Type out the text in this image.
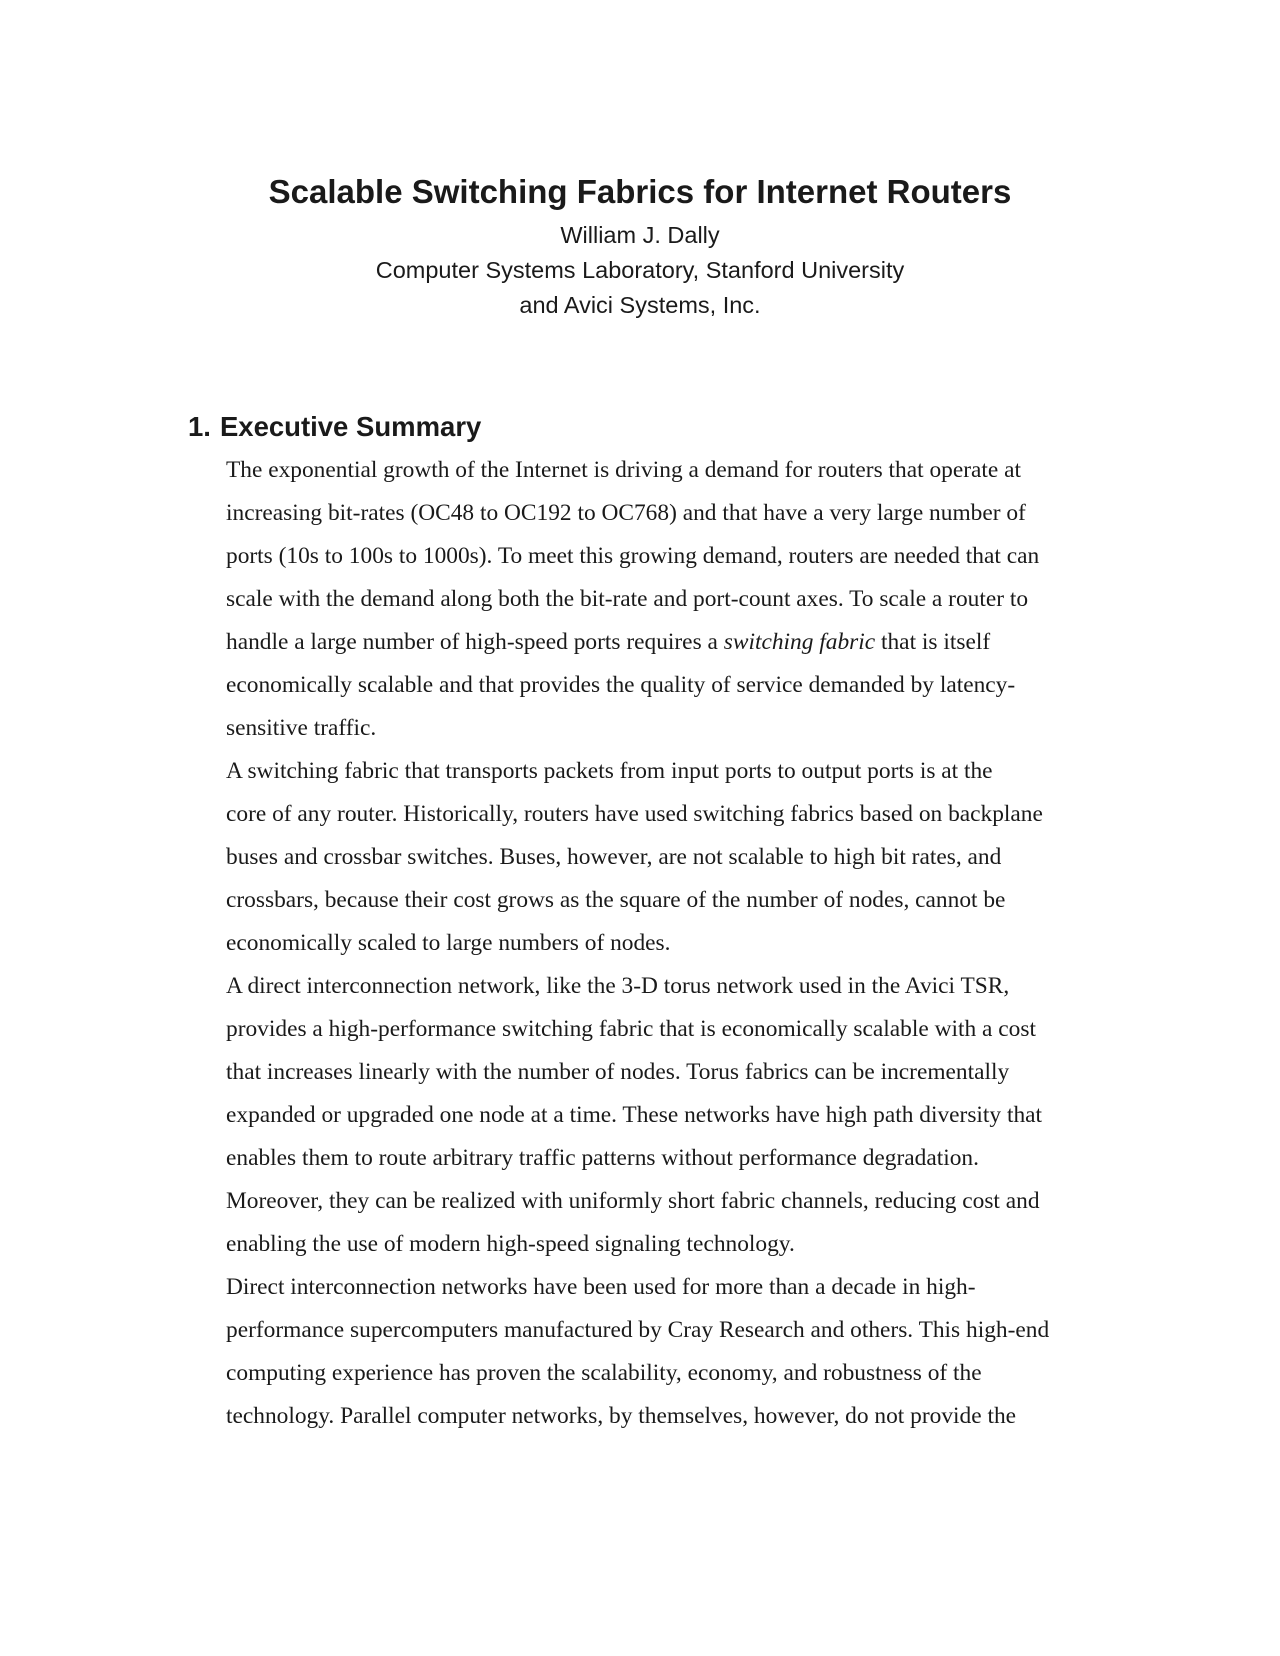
Scalable Switching Fabrics for Internet Routers
William J. Dally
Computer Systems Laboratory, Stanford University
and Avici Systems, Inc.
1. Executive Summary

The exponential growth of the Internet is driving a demand for routers that operate at
increasing bit-rates (OC48 to OC192 to OC768) and that have a very large number of
ports (10s to 100s to 1000s). To meet this growing demand, routers are needed that can
scale with the demand along both the bit-rate and port-count axes. To scale a router to
handle a large number of high-speed ports requires a switching fabric that is itself
economically scalable and that provides the quality of service demanded by latency-
sensitive traffic.

A switching fabric that transports packets from input ports to output ports is at the
core of any router. Historically, routers have used switching fabrics based on backplane
buses and crossbar switches. Buses, however, are not scalable to high bit rates, and
crossbars, because their cost grows as the square of the number of nodes, cannot be
economically scaled to large numbers of nodes.

A direct interconnection network, like the 3-D torus network used in the Avici TSR,
provides a high-performance switching fabric that is economically scalable with a cost
that increases linearly with the number of nodes. Torus fabrics can be incrementally
expanded or upgraded one node at a time. These networks have high path diversity that
enables them to route arbitrary traffic patterns without performance degradation.
Moreover, they can be realized with uniformly short fabric channels, reducing cost and
enabling the use of modern high-speed signaling technology.

Direct interconnection networks have been used for more than a decade in high-
performance supercomputers manufactured by Cray Research and others. This high-end
computing experience has proven the scalability, economy, and robustness of the
technology. Parallel computer networks, by themselves, however, do not provide the
